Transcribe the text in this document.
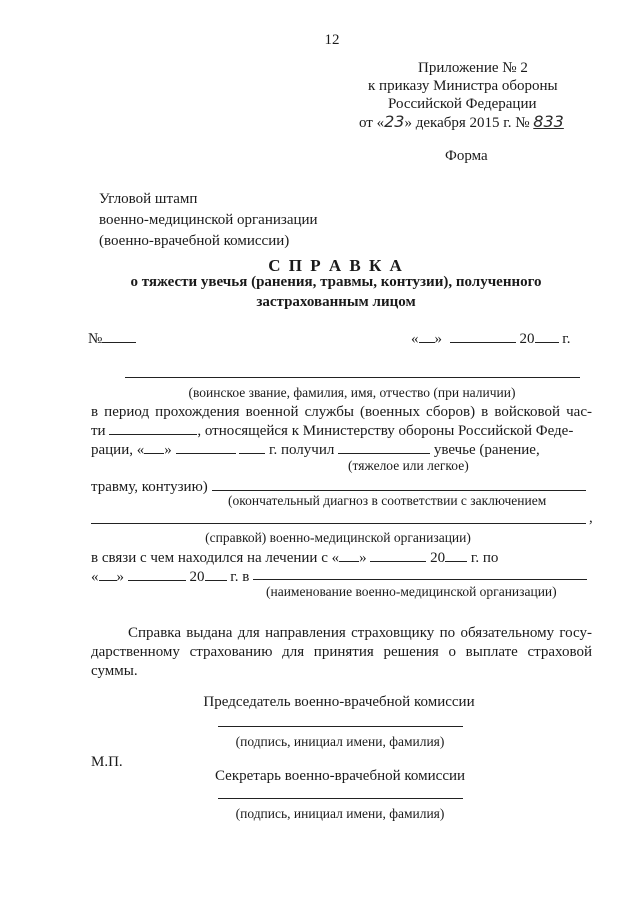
12
Приложение № 2
к приказу Министра обороны
Российской Федерации
от «23» декабря 2015 г. № 833
Форма
Угловой штамп
военно-медицинской организации
(военно-врачебной комиссии)
С П Р А В К А
о тяжести увечья (ранения, травмы, контузии), полученного
застрахованным лицом
№	« »	20 г.
(воинское звание, фамилия, имя, отчество (при наличии)
в период прохождения военной службы (военных сборов) в войсковой час-
ти	, относящейся к Министерству обороны Российской Феде-
рации, « »	г. получил	увечье (ранение,
(тяжелое или легкое)
травму, контузию)
(окончательный диагноз в соответствии с заключением
,
(справкой) военно-медицинской организации)
в связи с чем находился на лечении с « »	20 г. по
« »	20 г. в
(наименование военно-медицинской организации)
Справка выдана для направления страховщику по обязательному госу-
дарственному страхованию для принятия решения о выплате страховой
суммы.
Председатель военно-врачебной комиссии
(подпись, инициал имени, фамилия)
М.П.
Секретарь военно-врачебной комиссии
(подпись, инициал имени, фамилия)
